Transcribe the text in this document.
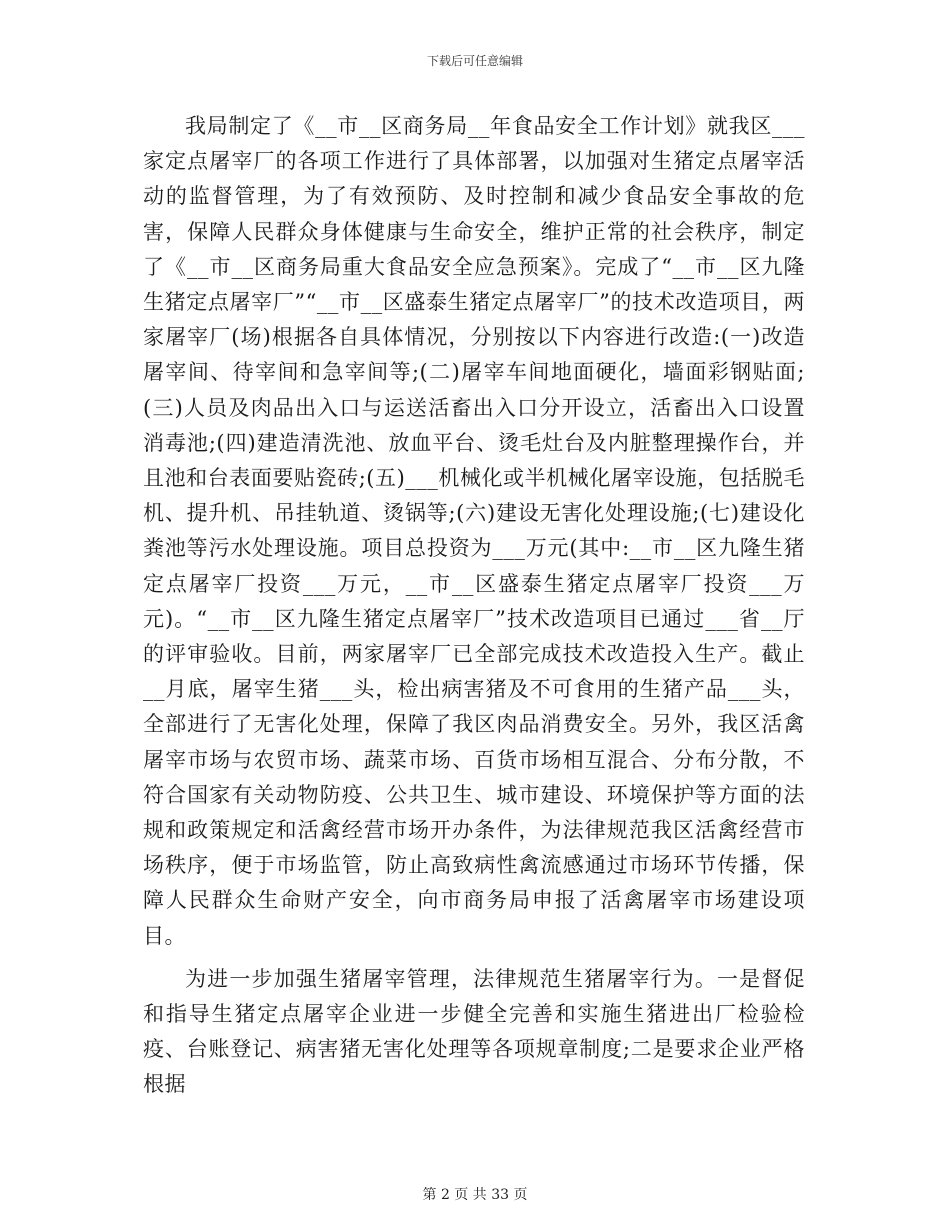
下载后可任意编辑

我局制定了《__市__区商务局__年食品安全工作计划》就我区___家定点屠宰厂的各项工作进行了具体部署，以加强对生猪定点屠宰活动的监督管理，为了有效预防、及时控制和减少食品安全事故的危害，保障人民群众身体健康与生命安全，维护正常的社会秩序，制定了《__市__区商务局重大食品安全应急预案》。完成了“__市__区九隆生猪定点屠宰厂”“__市__区盛泰生猪定点屠宰厂”的技术改造项目，两家屠宰厂(场)根据各自具体情况，分别按以下内容进行改造:(一)改造屠宰间、待宰间和急宰间等;(二)屠宰车间地面硬化，墙面彩钢贴面;(三)人员及肉品出入口与运送活畜出入口分开设立，活畜出入口设置消毒池;(四)建造清洗池、放血平台、烫毛灶台及内脏整理操作台，并且池和台表面要贴瓷砖;(五)___机械化或半机械化屠宰设施，包括脱毛机、提升机、吊挂轨道、烫锅等;(六)建设无害化处理设施;(七)建设化粪池等污水处理设施。项目总投资为___万元(其中:__市__区九隆生猪定点屠宰厂投资___万元，__市__区盛泰生猪定点屠宰厂投资___万元)。“__市__区九隆生猪定点屠宰厂”技术改造项目已通过___省__厅的评审验收。目前，两家屠宰厂已全部完成技术改造投入生产。截止__月底，屠宰生猪___头，检出病害猪及不可食用的生猪产品___头，全部进行了无害化处理，保障了我区肉品消费安全。另外，我区活禽屠宰市场与农贸市场、蔬菜市场、百货市场相互混合、分布分散，不符合国家有关动物防疫、公共卫生、城市建设、环境保护等方面的法规和政策规定和活禽经营市场开办条件，为法律规范我区活禽经营市场秩序，便于市场监管，防止高致病性禽流感通过市场环节传播，保障人民群众生命财产安全，向市商务局申报了活禽屠宰市场建设项目。

为进一步加强生猪屠宰管理，法律规范生猪屠宰行为。一是督促和指导生猪定点屠宰企业进一步健全完善和实施生猪进出厂检验检疫、台账登记、病害猪无害化处理等各项规章制度;二是要求企业严格根据

第 2 页 共 33 页
